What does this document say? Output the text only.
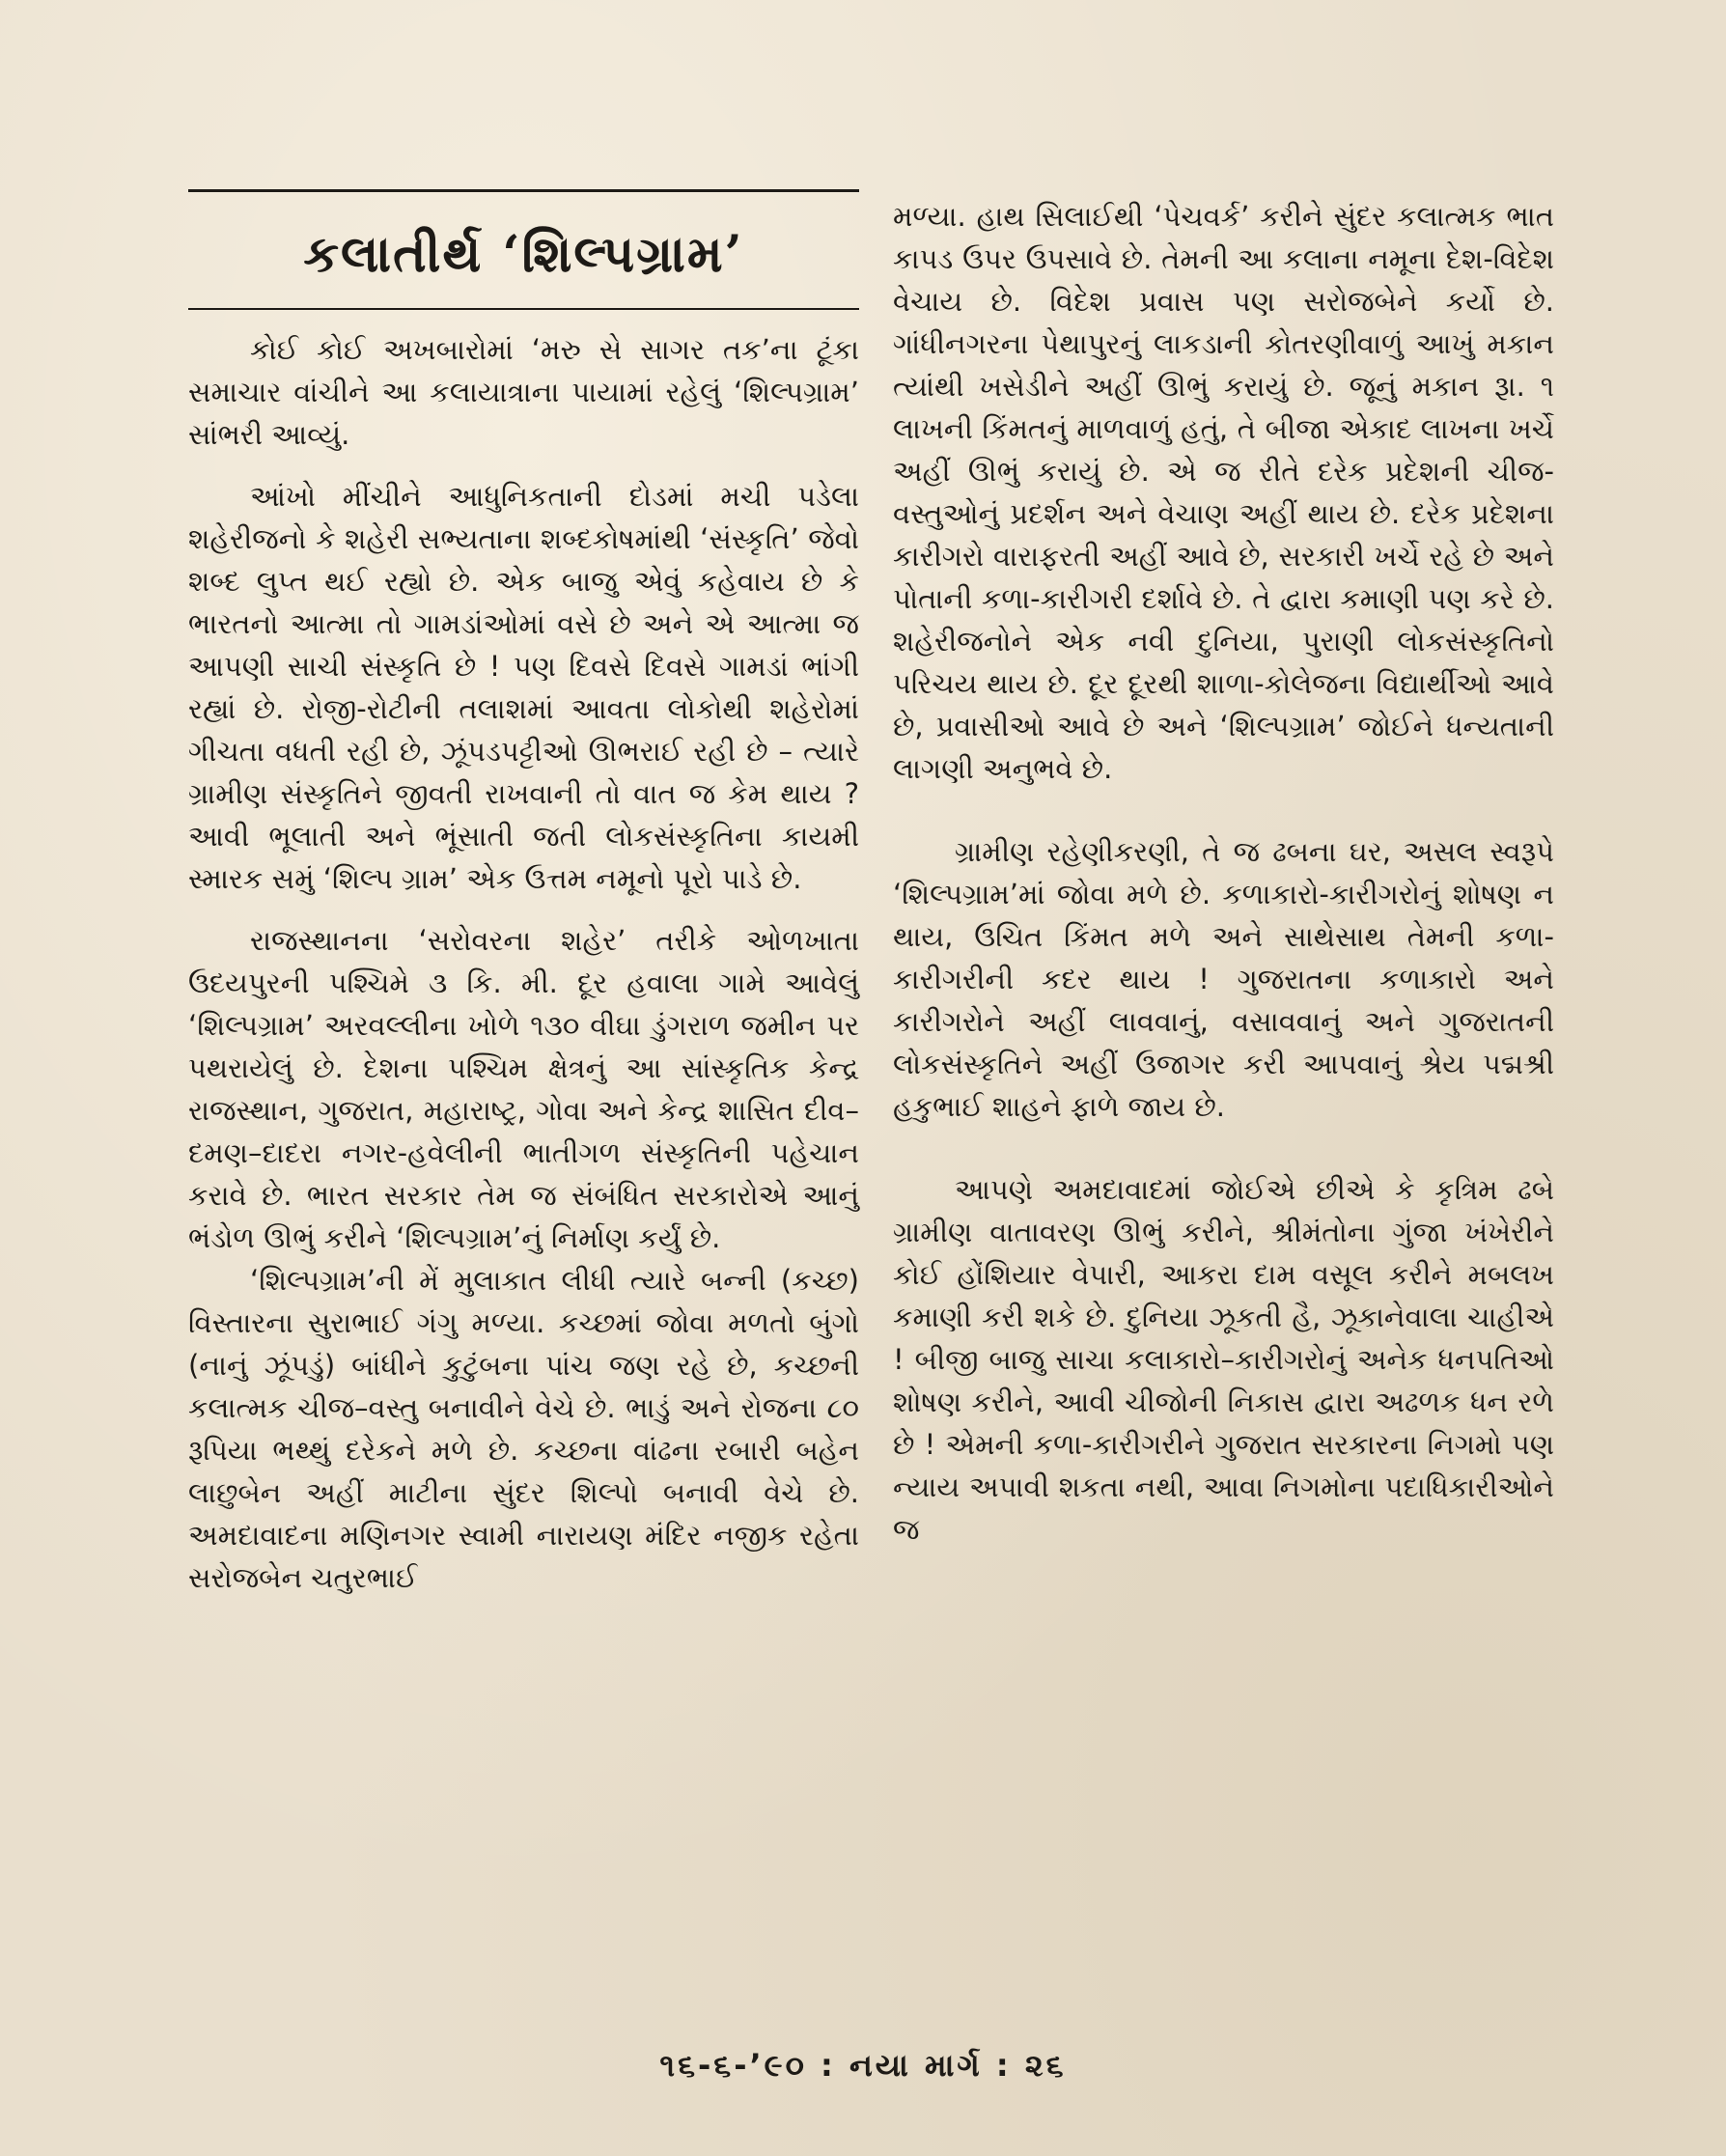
કલાતીર્થ ‘શિલ્પગ્રામ’

કોઈ કોઈ અખબારોમાં ‘મરુ સે સાગર તક’ના ટૂંકા સમાચાર વાંચીને આ કલાયાત્રાના પાયામાં રહેલું ‘શિલ્પગ્રામ’ સાંભરી આવ્યું.

આંખો મીંચીને આધુનિકતાની દોડમાં મચી પડેલા શહેરીજનો કે શહેરી સભ્યતાના શબ્દકોષમાંથી ‘સંસ્કૃતિ’ જેવો શબ્દ લુપ્ત થઈ રહ્યો છે. એક બાજુ એવું કહેવાય છે કે ભારતનો આત્મા તો ગામડાંઓમાં વસે છે અને એ આત્મા જ આપણી સાચી સંસ્કૃતિ છે ! પણ દિવસે દિવસે ગામડાં ભાંગી રહ્યાં છે. રોજી-રોટીની તલાશમાં આવતા લોકોથી શહેરોમાં ગીચતા વધતી રહી છે, ઝૂંપડપટ્ટીઓ ઊભરાઈ રહી છે – ત્યારે ગ્રામીણ સંસ્કૃતિને જીવતી રાખવાની તો વાત જ કેમ થાય ? આવી ભૂલાતી અને ભૂંસાતી જતી લોકસંસ્કૃતિના કાયમી સ્મારક સમું ‘શિલ્પ ગ્રામ’ એક ઉત્તમ નમૂનો પૂરો પાડે છે.

રાજસ્થાનના ‘સરોવરના શહેર’ તરીકે ઓળખાતા ઉદયપુરની પશ્ચિમે ૩ કિ. મી. દૂર હવાલા ગામે આવેલું ‘શિલ્પગ્રામ’ અરવલ્લીના ખોળે ૧૩૦ વીઘા ડુંગરાળ જમીન પર પથરાયેલું છે. દેશના પશ્ચિમ ક્ષેત્રનું આ સાંસ્કૃતિક કેન્દ્ર રાજસ્થાન, ગુજરાત, મહારાષ્ટ્ર, ગોવા અને કેન્દ્ર શાસિત દીવ–દમણ–દાદરા નગર-હવેલીની ભાતીગળ સંસ્કૃતિની પહેચાન કરાવે છે. ભારત સરકાર તેમ જ સંબંધિત સરકારોએ આનું ભંડોળ ઊભું કરીને ‘શિલ્પગ્રામ’નું નિર્માણ કર્યું છે.

‘શિલ્પગ્રામ’ની મેં મુલાકાત લીધી ત્યારે બન્ની (કચ્છ) વિસ્તારના સુરાભાઈ ગંગુ મળ્યા. કચ્છમાં જોવા મળતો બુંગો (નાનું ઝૂંપડું) બાંધીને કુટુંબના પાંચ જણ રહે છે, કચ્છની કલાત્મક ચીજ–વસ્તુ બનાવીને વેચે છે. ભાડું અને રોજના ૮૦ રૂપિયા ભથ્થું દરેકને મળે છે. કચ્છના વાંઢના રબારી બહેન લાછુબેન અહીં માટીના સુંદર શિલ્પો બનાવી વેચે છે. અમદાવાદના મણિનગર સ્વામી નારાયણ મંદિર નજીક રહેતા સરોજબેન ચતુરભાઈ

મળ્યા. હાથ સિલાઈથી ‘પેચવર્ક’ કરીને સુંદર કલાત્મક ભાત કાપડ ઉપર ઉપસાવે છે. તેમની આ કલાના નમૂના દેશ-વિદેશ વેચાય છે. વિદેશ પ્રવાસ પણ સરોજબેને કર્યો છે. ગાંધીનગરના પેથાપુરનું લાકડાની કોતરણીવાળું આખું મકાન ત્યાંથી ખસેડીને અહીં ઊભું કરાયું છે. જૂનું મકાન રૂા. ૧ લાખની કિંમતનું માળવાળું હતું, તે બીજા એકાદ લાખના ખર્ચે અહીં ઊભું કરાયું છે. એ જ રીતે દરેક પ્રદેશની ચીજ-વસ્તુઓનું પ્રદર્શન અને વેચાણ અહીં થાય છે. દરેક પ્રદેશના કારીગરો વારાફરતી અહીં આવે છે, સરકારી ખર્ચે રહે છે અને પોતાની કળા-કારીગરી દર્શાવે છે. તે દ્વારા કમાણી પણ કરે છે. શહેરીજનોને એક નવી દુનિયા, પુરાણી લોકસંસ્કૃતિનો પરિચય થાય છે. દૂર દૂરથી શાળા-કોલેજના વિદ્યાર્થીઓ આવે છે, પ્રવાસીઓ આવે છે અને ‘શિલ્પગ્રામ’ જોઈને ધન્યતાની લાગણી અનુભવે છે.

ગ્રામીણ રહેણીકરણી, તે જ ઢબના ઘર, અસલ સ્વરૂપે ‘શિલ્પગ્રામ’માં જોવા મળે છે. કળાકારો-કારીગરોનું શોષણ ન થાય, ઉચિત કિંમત મળે અને સાથેસાથ તેમની કળા-કારીગરીની કદર થાય ! ગુજરાતના કળાકારો અને કારીગરોને અહીં લાવવાનું, વસાવવાનું અને ગુજરાતની લોકસંસ્કૃતિને અહીં ઉજાગર કરી આપવાનું શ્રેય પદ્મશ્રી હકુભાઈ શાહને ફાળે જાય છે.

આપણે અમદાવાદમાં જોઈએ છીએ કે કૃત્રિમ ઢબે ગ્રામીણ વાતાવરણ ઊભું કરીને, શ્રીમંતોના ગુંજા ખંખેરીને કોઈ હોંશિયાર વેપારી, આકરા દામ વસૂલ કરીને મબલખ કમાણી કરી શકે છે. દુનિયા ઝૂકતી હૈ, ઝૂકાનેવાલા ચાહીએ ! બીજી બાજુ સાચા કલાકારો–કારીગરોનું અનેક ધનપતિઓ શોષણ કરીને, આવી ચીજોની નિકાસ દ્વારા અઢળક ધન રળે છે ! એમની કળા-કારીગરીને ગુજરાત સરકારના નિગમો પણ ન્યાય અપાવી શકતા નથી, આવા નિગમોના પદાધિકારીઓને જ

૧૬-૬-’૯૦ : નયા માર્ગ : ૨૬
